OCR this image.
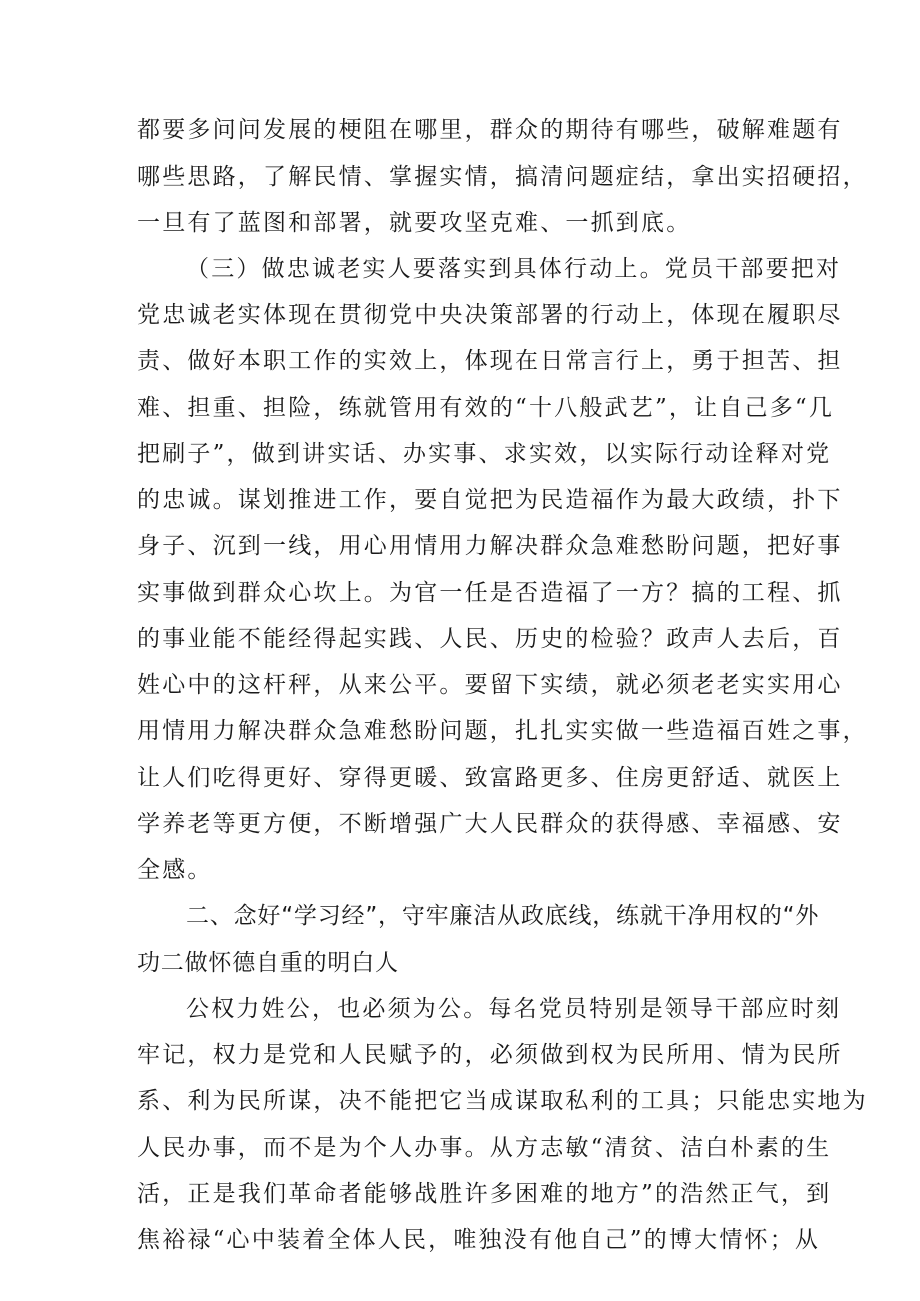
都要多问问发展的梗阻在哪里，群众的期待有哪些，破解难题有
哪些思路，了解民情、掌握实情，搞清问题症结，拿出实招硬招，
一旦有了蓝图和部署，就要攻坚克难、一抓到底。
（三）做忠诚老实人要落实到具体行动上。党员干部要把对
党忠诚老实体现在贯彻党中央决策部署的行动上，体现在履职尽
责、做好本职工作的实效上，体现在日常言行上，勇于担苦、担
难、担重、担险，练就管用有效的“十八般武艺”，让自己多“几
把刷子”，做到讲实话、办实事、求实效，以实际行动诠释对党
的忠诚。谋划推进工作，要自觉把为民造福作为最大政绩，扑下
身子、沉到一线，用心用情用力解决群众急难愁盼问题，把好事
实事做到群众心坎上。为官一任是否造福了一方？搞的工程、抓
的事业能不能经得起实践、人民、历史的检验？政声人去后，百
姓心中的这杆秤，从来公平。要留下实绩，就必须老老实实用心
用情用力解决群众急难愁盼问题，扎扎实实做一些造福百姓之事，
让人们吃得更好、穿得更暖、致富路更多、住房更舒适、就医上
学养老等更方便，不断增强广大人民群众的获得感、幸福感、安
全感。
二、念好“学习经”，守牢廉洁从政底线，练就干净用权的“外
功二做怀德自重的明白人
公权力姓公，也必须为公。每名党员特别是领导干部应时刻
牢记，权力是党和人民赋予的，必须做到权为民所用、情为民所
系、利为民所谋，决不能把它当成谋取私利的工具；只能忠实地为
人民办事，而不是为个人办事。从方志敏“清贫、洁白朴素的生
活，正是我们革命者能够战胜许多困难的地方”的浩然正气，到
焦裕禄“心中装着全体人民，唯独没有他自己”的博大情怀；从
